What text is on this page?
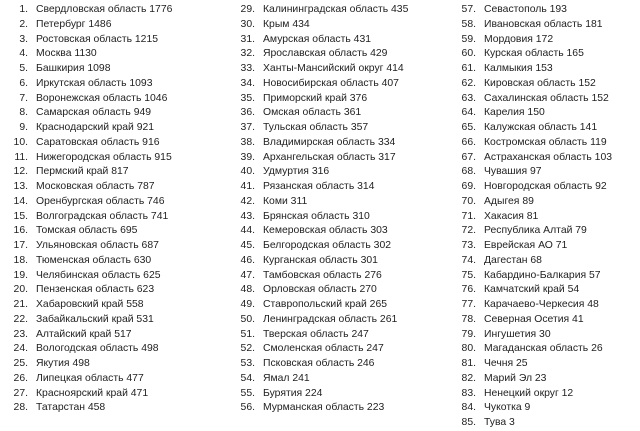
1. Свердловская область 1776
2. Петербург 1486
3. Ростовская область 1215
4. Москва 1130
5. Башкирия 1098
6. Иркутская область 1093
7. Воронежская область 1046
8. Самарская область 949
9. Краснодарский край 921
10. Саратовская область 916
11. Нижегородская область 915
12. Пермский край 817
13. Московская область 787
14. Оренбургская область 746
15. Волгоградская область 741
16. Томская область 695
17. Ульяновская область 687
18. Тюменская область 630
19. Челябинская область 625
20. Пензенская область 623
21. Хабаровский край 558
22. Забайкальский край 531
23. Алтайский край 517
24. Вологодская область 498
25. Якутия 498
26. Липецкая область 477
27. Красноярский край 471
28. Татарстан 458
29. Калининградская область 435
30. Крым 434
31. Амурская область 431
32. Ярославская область 429
33. Ханты-Мансийский округ 414
34. Новосибирская область 407
35. Приморский край 376
36. Омская область 361
37. Тульская область 357
38. Владимирская область 334
39. Архангельская область 317
40. Удмуртия 316
41. Рязанская область 314
42. Коми 311
43. Брянская область 310
44. Кемеровская область 303
45. Белгородская область 302
46. Курганская область 301
47. Тамбовская область 276
48. Орловская область 270
49. Ставропольский край 265
50. Ленинградская область 261
51. Тверская область 247
52. Смоленская область 247
53. Псковская область 246
54. Ямал 241
55. Бурятия 224
56. Мурманская область 223
57. Севастополь 193
58. Ивановская область 181
59. Мордовия 172
60. Курская область 165
61. Калмыкия 153
62. Кировская область 152
63. Сахалинская область 152
64. Карелия 150
65. Калужская область 141
66. Костромская область 119
67. Астраханская область 103
68. Чувашия 97
69. Новгородская область 92
70. Адыгея 89
71. Хакасия 81
72. Республика Алтай 79
73. Еврейская АО 71
74. Дагестан 68
75. Кабардино-Балкария 57
76. Камчатский край 54
77. Карачаево-Черкесия 48
78. Северная Осетия 41
79. Ингушетия 30
80. Магаданская область 26
81. Чечня 25
82. Марий Эл 23
83. Ненецкий округ 12
84. Чукотка 9
85. Тува 3
